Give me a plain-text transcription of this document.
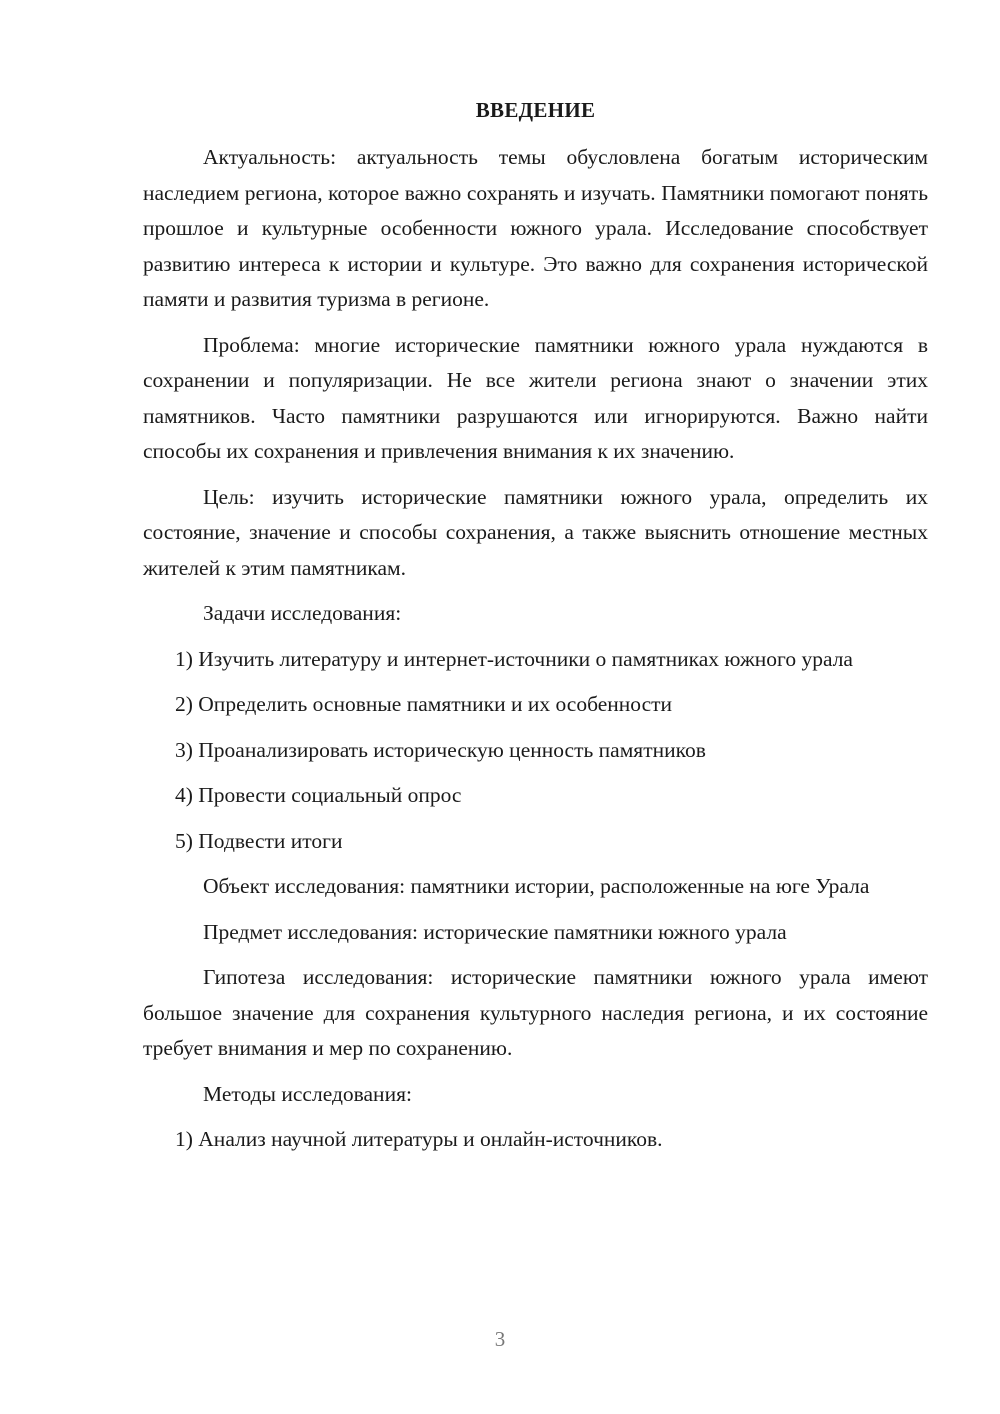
ВВЕДЕНИЕ

Актуальность: актуальность темы обусловлена богатым историческим наследием региона, которое важно сохранять и изучать. Памятники помогают понять прошлое и культурные особенности южного урала. Исследование способствует развитию интереса к истории и культуре. Это важно для сохранения исторической памяти и развития туризма в регионе.

Проблема: многие исторические памятники южного урала нуждаются в сохранении и популяризации. Не все жители региона знают о значении этих памятников. Часто памятники разрушаются или игнорируются. Важно найти способы их сохранения и привлечения внимания к их значению.

Цель: изучить исторические памятники южного урала, определить их состояние, значение и способы сохранения, а также выяснить отношение местных жителей к этим памятникам.

Задачи исследования:

1) Изучить литературу и интернет-источники о памятниках южного урала

2) Определить основные памятники и их особенности

3) Проанализировать историческую ценность памятников

4) Провести социальный опрос

5) Подвести итоги

Объект исследования: памятники истории, расположенные на юге Урала

Предмет исследования: исторические памятники южного урала

Гипотеза исследования: исторические памятники южного урала имеют большое значение для сохранения культурного наследия региона, и их состояние требует внимания и мер по сохранению.

Методы исследования:

1) Анализ научной литературы и онлайн-источников.

3
